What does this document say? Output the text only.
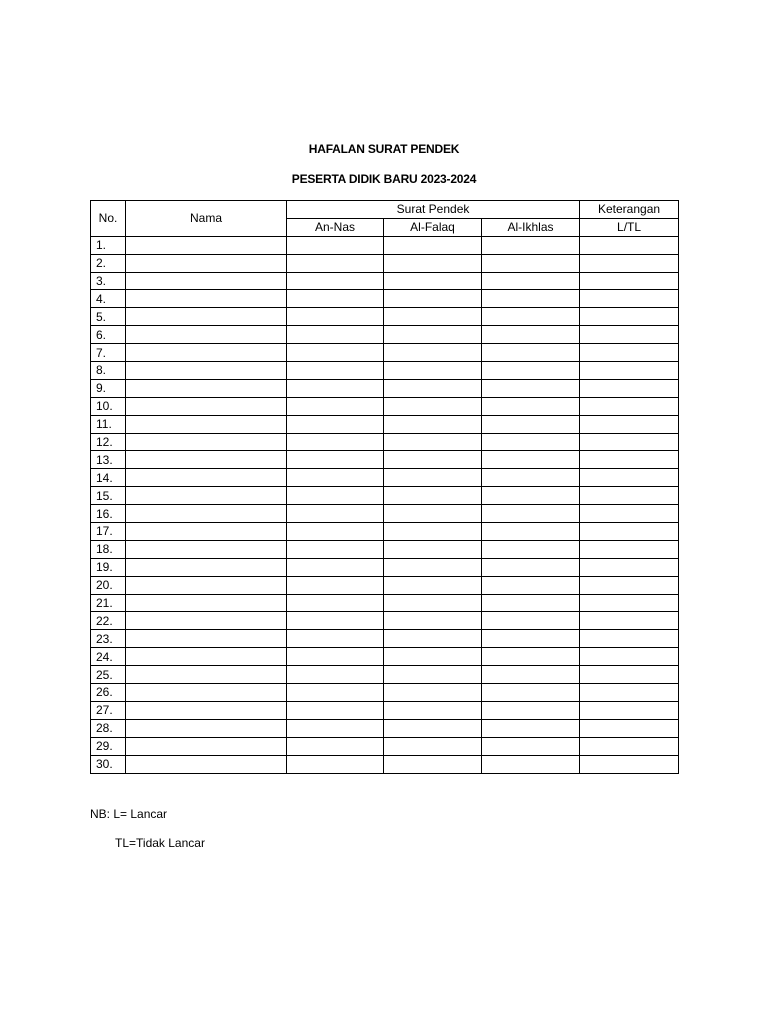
HAFALAN SURAT PENDEK
PESERTA DIDIK BARU 2023-2024
No.	Nama	Surat Pendek			Keterangan
		An-Nas	Al-Falaq	Al-Ikhlas	L/TL
1.					
2.					
3.					
4.					
5.					
6.					
7.					
8.					
9.					
10.					
11.					
12.					
13.					
14.					
15.					
16.					
17.					
18.					
19.					
20.					
21.					
22.					
23.					
24.					
25.					
26.					
27.					
28.					
29.					
30.					
NB: L= Lancar
TL=Tidak Lancar
